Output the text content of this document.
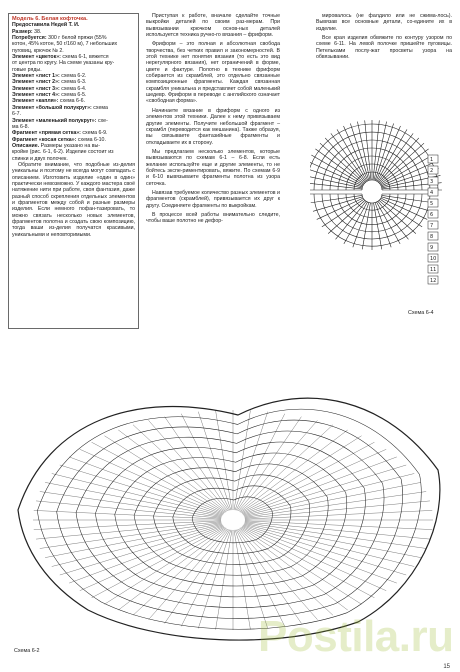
Модель 6. Белая кофточка.
Предоставила Недей Т. И.
Размер: 38.
Потребуется: 300 г белой пряжи (55%
котон, 45% котон, 50 г/160 м), 7 небольших
пуговиц, крючок № 2.
Элемент «цветок»: схема 6-1, вяжется
от центра по кругу. На схеме указаны кру-
говые ряды.
Элемент «лист 1»: схема 6-2.
Элемент «лист 2»: схема 6-3.
Элемент «лист 3»: схема 6-4.
Элемент «лист 4»: схема 6-5.
Элемент «капля»: схема 6-6.
Элемент «большой полукруг»: схема
6-7.
Элемент «маленький полукруг»: схе-
ма 6-8.
Фрагмент «прямая сетка»: схема 6-9.
Фрагмент «косая сетка»: схема 6-10.
Описание. Размеры указано на вы-
кройке (рис. 6-1, 6-2). Изделие состоит из
спинки и двух полочек.
Обратите внимание, что подобные из-делия уникальны и поэтому не всегда могут совпадать с описанием. Изготовить изделие «один в один» практически невозможно. У каждого мастера своё натяжение нити при работе, своя фантазия, даже разный способ скрепления отдельных элементов и фрагментов между собой и разные размеры изделия. Если немного пофан-тазировать, то можно связать несколько новых элементов, фрагментов полотна и создать свою композицию, тогда ваши из-делия получатся красивыми, уникальными и неповторимыми.

Приступая к работе, вначале сделайте точные выкройки деталей по своим раз-мерам. При вывязывании крючком основ-ных деталей используется техника ручно-го вязания – фриформ.

Фриформ – это полная и абсолютная свобода творчества, без четких правил и закономерностей. В этой технике нет понятия вязания (то есть это вид нерегулярного вязания), нет ограничений в форме, цвете и фактуре. Полотно в технике фриформ собирается из скрамблей, это отдельно связанные композиционные фрагменты. Каждая связанная скрамбля уникальна и представляет собой маленький шедевр. Фриформ в переводе с английского означает «свободная форма».

Начинаете вязание в фриформ с одного из элементов этой техники. Далее к нему привязываем другие элементы. Получите небольшой фрагмент – скрамбл (переводится как мешанина). Также образуя, вы связываете фантазийные фрагменты и откладываете их в сторону.

Мы предлагаем несколько элементов, которые вывязываются по схемам 6-1 – 6-8. Если есть желание используйте еще и другие элементы, то не бойтесь экспе-риментировать, вяжите. По схемам 6-9 и 6-10 вывязываете фрагменты полотна из узора сеточка.

Навязав требуемое количество разных элементов и фрагментов (скрамблей), привязывается их друг к другу. Соединяете фрагменты по выкройкам.

В процессе всей работы внимательно следите, чтобы ваше полотно не дефор-

мировалось (не фалдило или не сжима-лось). Вывязав все основные детали, со-едините их в изделие.

Все края изделия обвяжите по контуру узором по схеме 6-11. На левой полочке пришейте пуговицы. Петельками послу-жат просветы узора на обвязывании.

1
2
3
4
5
6
7
8
9
10
11
12
Схема 6-4
Схема 6-2	Postila.ru
15
